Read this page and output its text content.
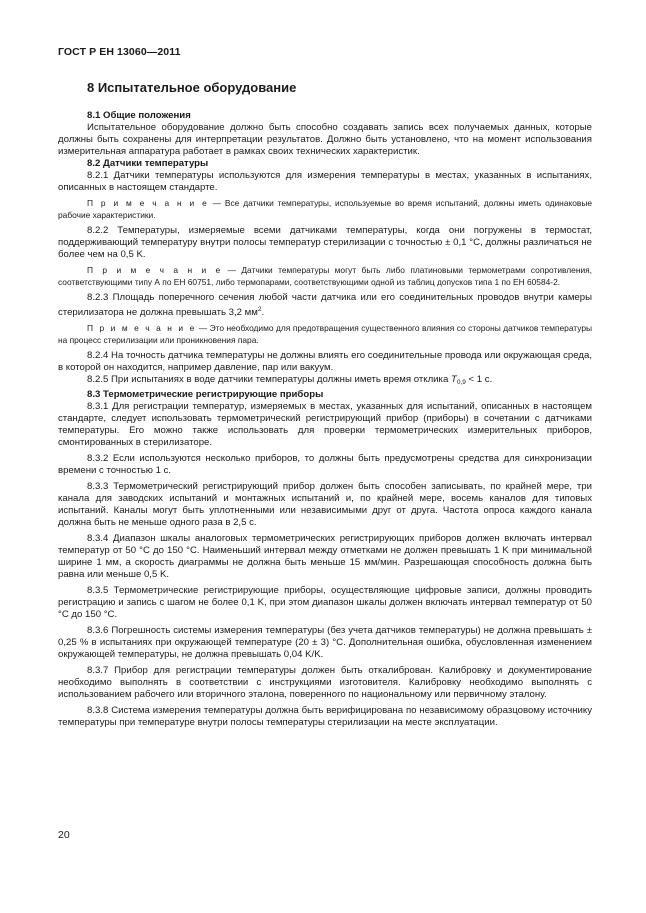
ГОСТ Р ЕН 13060—2011
8 Испытательное оборудование

8.1 Общие положения

Испытательное оборудование должно быть способно создавать запись всех получаемых данных, которые должны быть сохранены для интерпретации результатов. Должно быть установлено, что на момент использования измерительная аппаратура работает в рамках своих технических характеристик.

8.2 Датчики температуры

8.2.1 Датчики температуры используются для измерения температуры в местах, указанных в испытаниях, описанных в настоящем стандарте.

П р и м е ч а н и е — Все датчики температуры, используемые во время испытаний, должны иметь одинаковые рабочие характеристики.

8.2.2 Температуры, измеряемые всеми датчиками температуры, когда они погружены в термостат, поддерживающий температуру внутри полосы температур стерилизации с точностью ± 0,1 °C, должны различаться не более чем на 0,5 K.

П р и м е ч а н и е — Датчики температуры могут быть либо платиновыми термометрами сопротивления, соответствующими типу А по ЕН 60751, либо термопарами, соответствующими одной из таблиц допусков типа 1 по ЕН 60584-2.

8.2.3 Площадь поперечного сечения любой части датчика или его соединительных проводов внутри камеры стерилизатора не должна превышать 3,2 $мм^2$.

П р и м е ч а н и е — Это необходимо для предотвращения существенного влияния со стороны датчиков температуры на процесс стерилизации или проникновения пара.

8.2.4 На точность датчика температуры не должны влиять его соединительные провода или окружающая среда, в которой он находится, например давление, пар или вакуум.

8.2.5 При испытаниях в воде датчики температуры должны иметь время отклика $T_{0,9} < 1$ с.

8.3 Термометрические регистрирующие приборы

8.3.1 Для регистрации температур, измеряемых в местах, указанных для испытаний, описанных в настоящем стандарте, следует использовать термометрический регистрирующий прибор (приборы) в сочетании с датчиками температуры. Его можно также использовать для проверки термометрических измерительных приборов, смонтированных в стерилизаторе.

8.3.2 Если используются несколько приборов, то должны быть предусмотрены средства для синхронизации времени с точностью 1 с.

8.3.3 Термометрический регистрирующий прибор должен быть способен записывать, по крайней мере, три канала для заводских испытаний и монтажных испытаний и, по крайней мере, восемь каналов для типовых испытаний. Каналы могут быть уплотненными или независимыми друг от друга. Частота опроса каждого канала должна быть не меньше одного раза в 2,5 с.

8.3.4 Диапазон шкалы аналоговых термометрических регистрирующих приборов должен включать интервал температур от 50 °C до 150 °C. Наименьший интервал между отметками не должен превышать 1 K при минимальной ширине 1 мм, а скорость диаграммы не должна быть меньше 15 мм/мин. Разрешающая способность должна быть равна или меньше 0,5 K.

8.3.5 Термометрические регистрирующие приборы, осуществляющие цифровые записи, должны проводить регистрацию и запись с шагом не более 0,1 K, при этом диапазон шкалы должен включать интервал температур от 50 °C до 150 °C.

8.3.6 Погрешность системы измерения температуры (без учета датчиков температуры) не должна превышать ± 0,25 % в испытаниях при окружающей температуре (20 ± 3) °C. Дополнительная ошибка, обусловленная изменением окружающей температуры, не должна превышать 0,04 K/K.

8.3.7 Прибор для регистрации температуры должен быть откалиброван. Калибровку и документирование необходимо выполнять в соответствии с инструкциями изготовителя. Калибровку необходимо выполнять с использованием рабочего или вторичного эталона, поверенного по национальному или первичному эталону.

8.3.8 Система измерения температуры должна быть верифицирована по независимому образцовому источнику температуры при температуре внутри полосы температуры стерилизации на месте эксплуатации.

20
